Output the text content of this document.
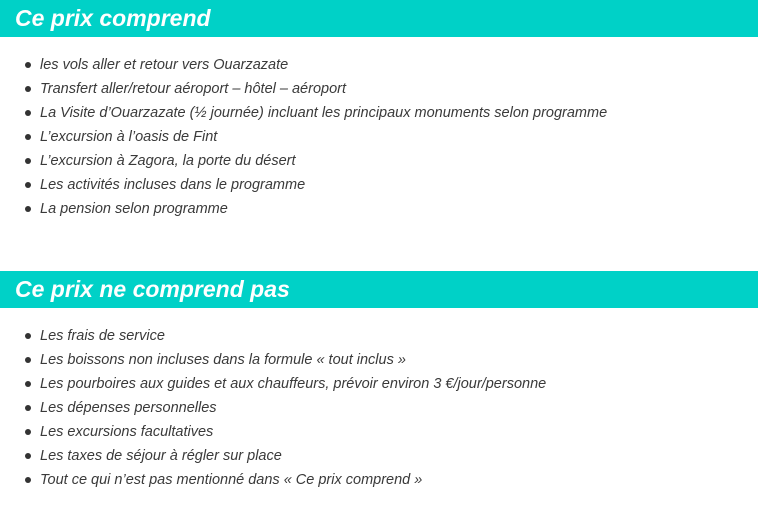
Ce prix comprend
les vols aller et retour vers Ouarzazate
Transfert aller/retour aéroport – hôtel – aéroport
La Visite d’Ouarzazate (½ journée) incluant les principaux monuments selon programme
L’excursion à l’oasis de Fint
L’excursion à Zagora, la porte du désert
Les activités incluses dans le programme
La pension selon programme
Ce prix ne comprend pas
Les frais de service
Les boissons non incluses dans la formule « tout inclus »
Les pourboires aux guides et aux chauffeurs, prévoir environ 3 €/jour/personne
Les dépenses personnelles
Les excursions facultatives
Les taxes de séjour à régler sur place
Tout ce qui n’est pas mentionné dans « Ce prix comprend »
